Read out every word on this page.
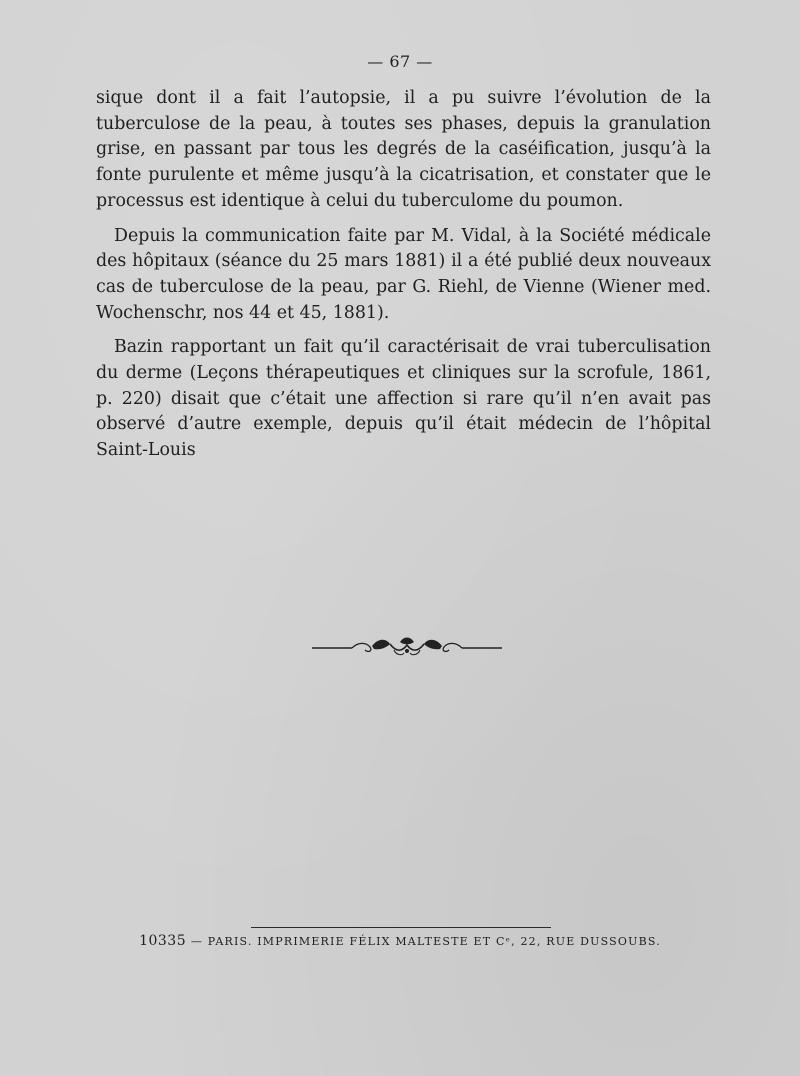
— 67 —

sique dont il a fait l’autopsie, il a pu suivre l’évolution de la tuberculose de la peau, à toutes ses phases, depuis la granulation grise, en passant par tous les degrés de la caséification, jusqu’à la fonte purulente et même jusqu’à la cicatrisation, et constater que le processus est identique à celui du tuberculome du poumon.

Depuis la communication faite par M. Vidal, à la Société médicale des hôpitaux (séance du 25 mars 1881) il a été publié deux nouveaux cas de tuberculose de la peau, par G. Riehl, de Vienne (Wiener med. Wochenschr, nos 44 et 45, 1881).

Bazin rapportant un fait qu’il caractérisait de vrai tuberculisation du derme (Leçons thérapeutiques et cliniques sur la scrofule, 1861, p. 220) disait que c’était une affection si rare qu’il n’en avait pas observé d’autre exemple, depuis qu’il était médecin de l’hôpital Saint-Louis

10335 — PARIS. IMPRIMERIE FÉLIX MALTESTE ET Cᵉ, 22, RUE DUSSOUBS.
